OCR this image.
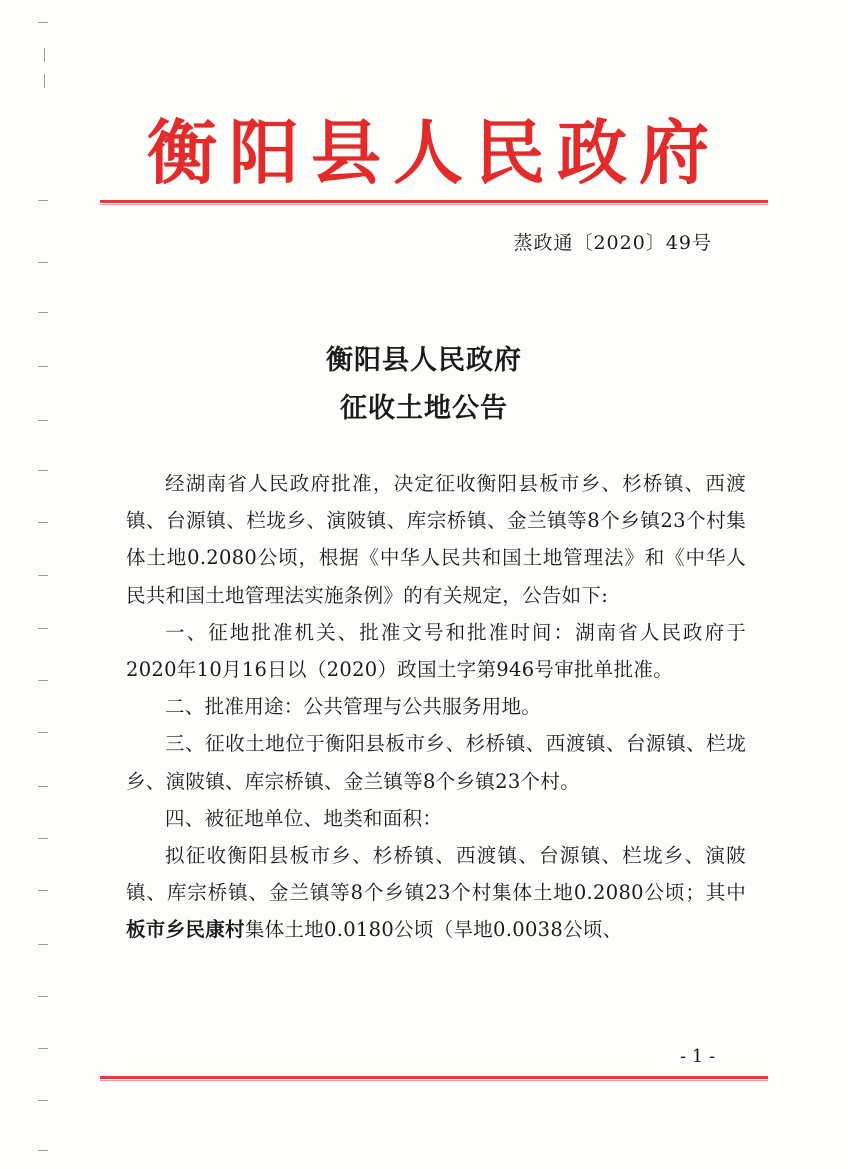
衡阳县人民政府
蒸政通〔2020〕49号
衡阳县人民政府
征收土地公告

经湖南省人民政府批准，决定征收衡阳县板市乡、杉桥镇、西渡镇、台源镇、栏垅乡、演陂镇、库宗桥镇、金兰镇等8个乡镇23个村集体土地0.2080公顷，根据《中华人民共和国土地管理法》和《中华人民共和国土地管理法实施条例》的有关规定，公告如下:

一、征地批准机关、批准文号和批准时间：湖南省人民政府于2020年10月16日以（2020）政国土字第946号审批单批准。

二、批准用途：公共管理与公共服务用地。

三、征收土地位于衡阳县板市乡、杉桥镇、西渡镇、台源镇、栏垅乡、演陂镇、库宗桥镇、金兰镇等8个乡镇23个村。

四、被征地单位、地类和面积：

拟征收衡阳县板市乡、杉桥镇、西渡镇、台源镇、栏垅乡、演陂镇、库宗桥镇、金兰镇等8个乡镇23个村集体土地0.2080公顷；其中板市乡民康村集体土地0.0180公顷（旱地0.0038公顷、

- 1 -
